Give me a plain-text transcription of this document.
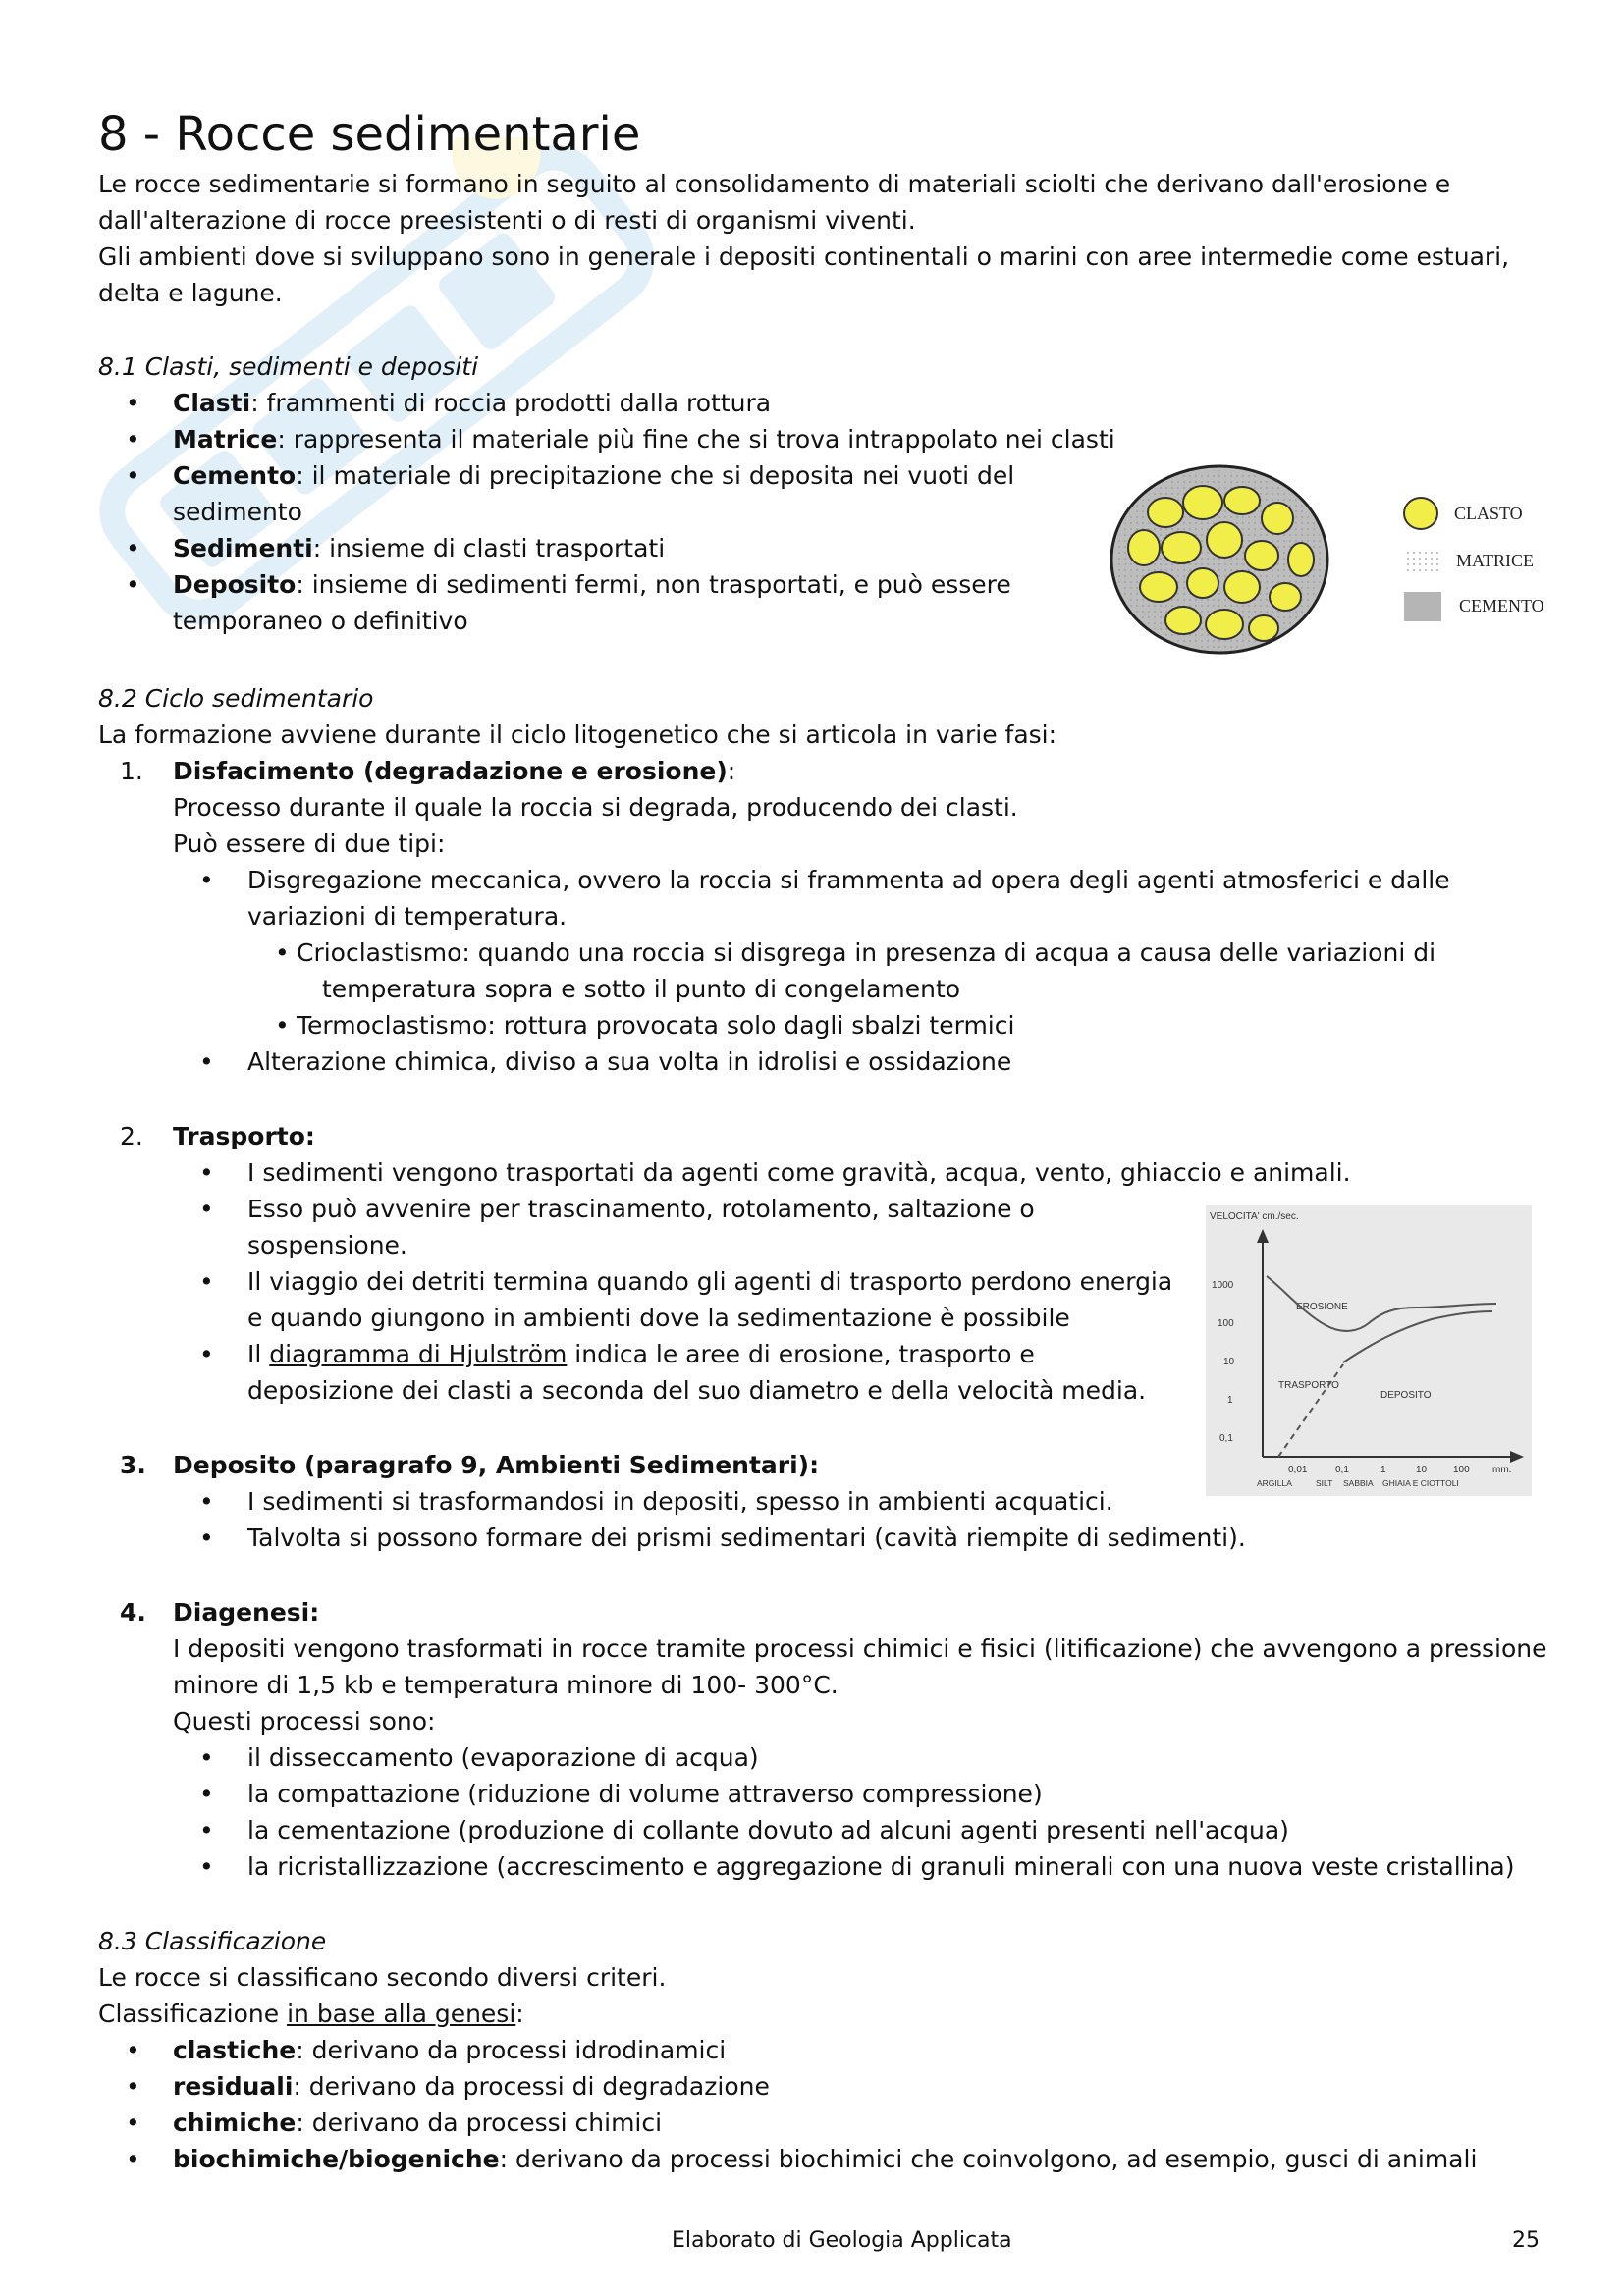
8 - Rocce sedimentarie
Le rocce sedimentarie si formano in seguito al consolidamento di materiali sciolti che derivano dall'erosione e
dall'alterazione di rocce preesistenti o di resti di organismi viventi.
Gli ambienti dove si sviluppano sono in generale i depositi continentali o marini con aree intermedie come estuari,
delta e lagune.
8.1 Clasti, sedimenti e depositi
• Clasti: frammenti di roccia prodotti dalla rottura
• Matrice: rappresenta il materiale più fine che si trova intrappolato nei clasti
• Cemento: il materiale di precipitazione che si deposita nei vuoti del
sedimento
• Sedimenti: insieme di clasti trasportati
• Deposito: insieme di sedimenti fermi, non trasportati, e può essere
temporaneo o definitivo
CLASTO
MATRICE
CEMENTO
8.2 Ciclo sedimentario
La formazione avviene durante il ciclo litogenetico che si articola in varie fasi:
1. Disfacimento (degradazione e erosione):
Processo durante il quale la roccia si degrada, producendo dei clasti.
Può essere di due tipi:
• Disgregazione meccanica, ovvero la roccia si frammenta ad opera degli agenti atmosferici e dalle
variazioni di temperatura.
• Crioclastismo: quando una roccia si disgrega in presenza di acqua a causa delle variazioni di
temperatura sopra e sotto il punto di congelamento
• Termoclastismo: rottura provocata solo dagli sbalzi termici
• Alterazione chimica, diviso a sua volta in idrolisi e ossidazione
2. Trasporto:
• I sedimenti vengono trasportati da agenti come gravità, acqua, vento, ghiaccio e animali.
• Esso può avvenire per trascinamento, rotolamento, saltazione o
sospensione.
• Il viaggio dei detriti termina quando gli agenti di trasporto perdono energia
e quando giungono in ambienti dove la sedimentazione è possibile
• Il diagramma di Hjulström indica le aree di erosione, trasporto e
deposizione dei clasti a seconda del suo diametro e della velocità media.
VELOCITA' cm./sec.
1000
100
10
1
0,1
0,01	0,1	1	10	100 mm.
ARGILLA	SILT SABBIA GHIAIA E CIOTTOLI
EROSIONE
TRASPORTO
DEPOSITO
3. Deposito (paragrafo 9, Ambienti Sedimentari):
• I sedimenti si trasformandosi in depositi, spesso in ambienti acquatici.
• Talvolta si possono formare dei prismi sedimentari (cavità riempite di sedimenti).
4. Diagenesi:
I depositi vengono trasformati in rocce tramite processi chimici e fisici (litificazione) che avvengono a pressione
minore di 1,5 kb e temperatura minore di 100- 300°C.
Questi processi sono:
• il disseccamento (evaporazione di acqua)
• la compattazione (riduzione di volume attraverso compressione)
• la cementazione (produzione di collante dovuto ad alcuni agenti presenti nell'acqua)
• la ricristallizzazione (accrescimento e aggregazione di granuli minerali con una nuova veste cristallina)
8.3 Classificazione
Le rocce si classificano secondo diversi criteri.
Classificazione in base alla genesi:
• clastiche: derivano da processi idrodinamici
• residuali: derivano da processi di degradazione
• chimiche: derivano da processi chimici
• biochimiche/biogeniche: derivano da processi biochimici che coinvolgono, ad esempio, gusci di animali
Elaborato di Geologia Applicata	25
